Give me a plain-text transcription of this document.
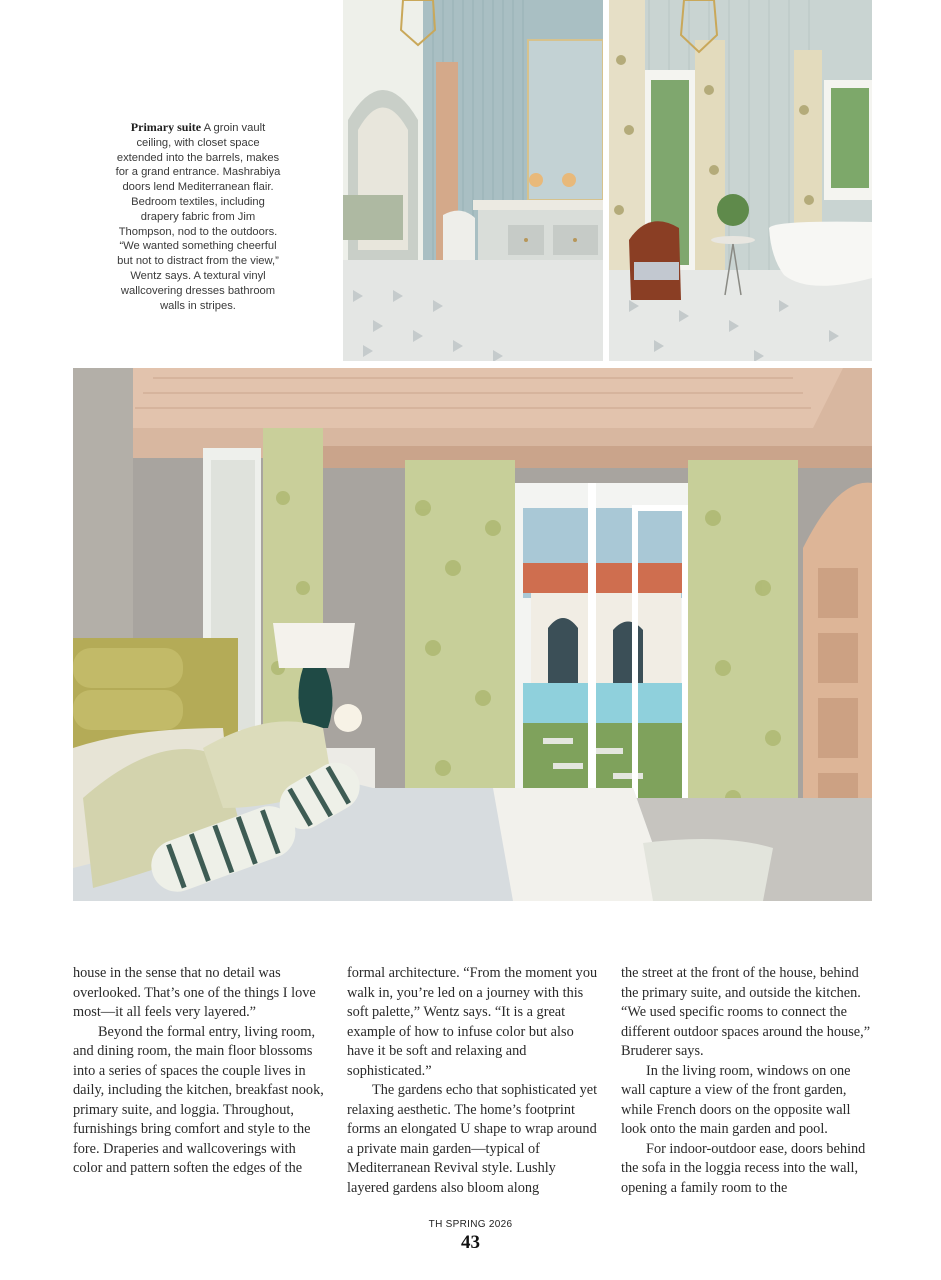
Primary suite A groin vault ceiling, with closet space extended into the barrels, makes for a grand entrance. Mashrabiya doors lend Mediterranean flair. Bedroom textiles, including drapery fabric from Jim Thompson, nod to the outdoors. “We wanted something cheerful but not to distract from the view,” Wentz says. A textural vinyl wallcovering dresses bathroom walls in stripes.

house in the sense that no detail was overlooked. That’s one of the things I love most—it all feels very layered.”

Beyond the formal entry, living room, and dining room, the main floor blossoms into a series of spaces the couple lives in daily, including the kitchen, breakfast nook, primary suite, and loggia. Throughout, furnishings bring comfort and style to the fore. Draperies and wallcoverings with color and pattern soften the edges of the

formal architecture. “From the moment you walk in, you’re led on a journey with this soft palette,” Wentz says. “It is a great example of how to infuse color but also have it be soft and relaxing and sophisticated.”

The gardens echo that sophisticated yet relaxing aesthetic. The home’s footprint forms an elongated U shape to wrap around a private main garden—typical of Mediterranean Revival style. Lushly layered gardens also bloom along

the street at the front of the house, behind the primary suite, and outside the kitchen. “We used specific rooms to connect the different outdoor spaces around the house,” Bruderer says.

In the living room, windows on one wall capture a view of the front garden, while French doors on the opposite wall look onto the main garden and pool.

For indoor-outdoor ease, doors behind the sofa in the loggia recess into the wall, opening a family room to the

TH SPRING 2026
43
